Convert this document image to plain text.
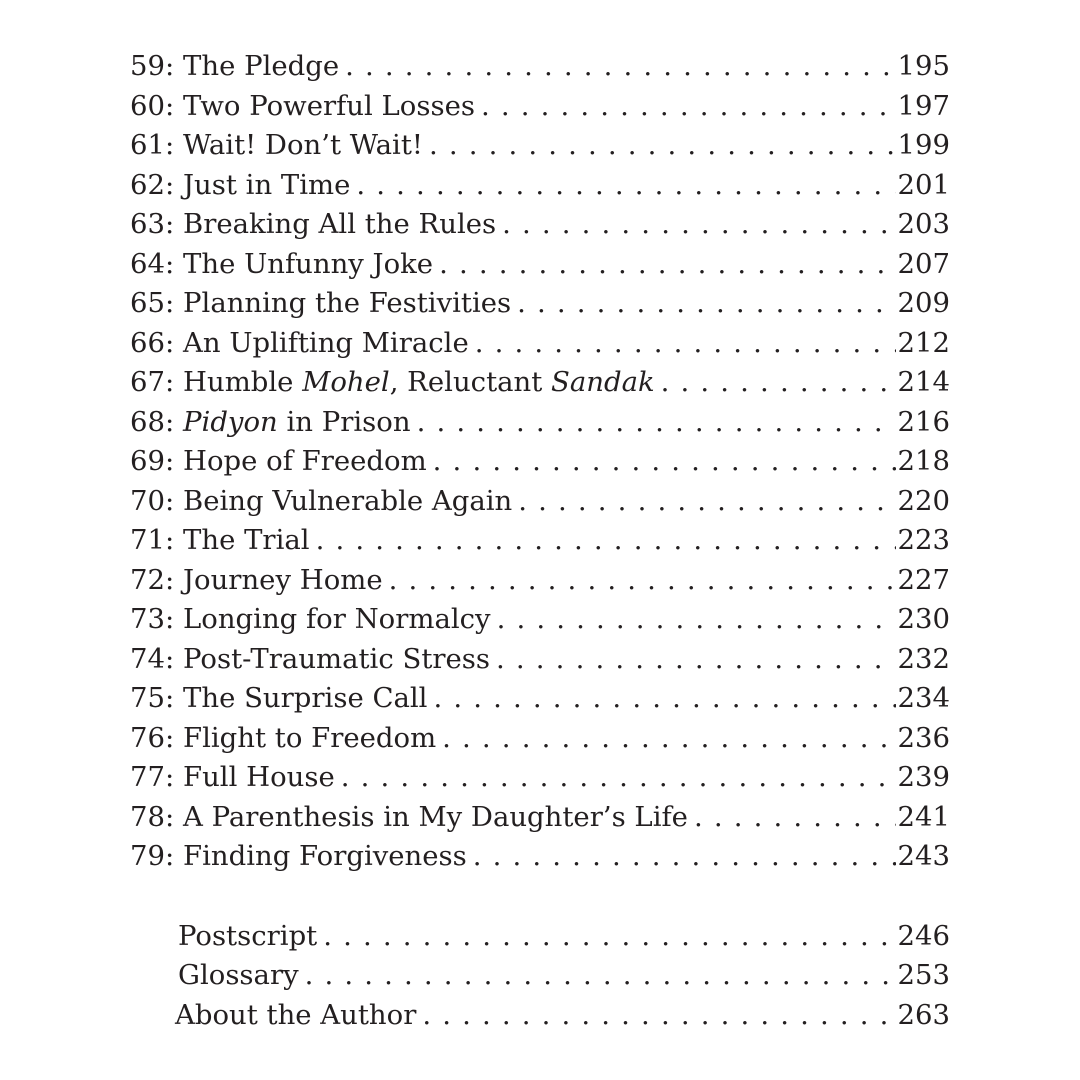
59: The Pledge . . .	195
60: Two Powerful Losses . . .	197
61: Wait! Don’t Wait! . . .	199
62: Just in Time . . .	201
63: Breaking All the Rules . . .	203
64: The Unfunny Joke . . .	207
65: Planning the Festivities . . .	209
66: An Uplifting Miracle . . .	212
67: Humble Mohel, Reluctant Sandak . . .	214
68: Pidyon in Prison . . .	216
69: Hope of Freedom . . .	218
70: Being Vulnerable Again . . .	220
71: The Trial . . .	223
72: Journey Home . . .	227
73: Longing for Normalcy . . .	230
74: Post-Traumatic Stress . . .	232
75: The Surprise Call . . .	234
76: Flight to Freedom . . .	236
77: Full House . . .	239
78: A Parenthesis in My Daughter’s Life . . .	241
79: Finding Forgiveness . . .	243
Postscript . . .	246
Glossary . . .	253
About the Author . . .	263
